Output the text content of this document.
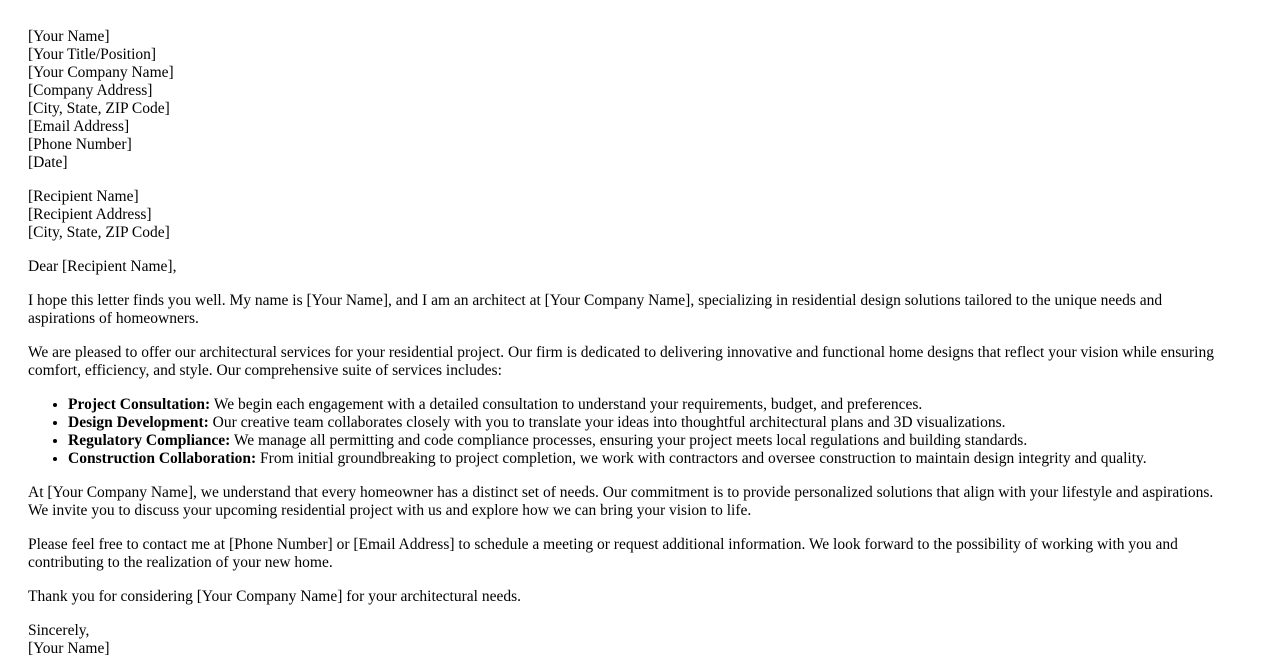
[Your Name]
[Your Title/Position]
[Your Company Name]
[Company Address]
[City, State, ZIP Code]
[Email Address]
[Phone Number]
[Date]
[Recipient Name]
[Recipient Address]
[City, State, ZIP Code]

Dear [Recipient Name],

I hope this letter finds you well. My name is [Your Name], and I am an architect at [Your Company Name], specializing in residential design solutions tailored to the unique needs and aspirations of homeowners.

We are pleased to offer our architectural services for your residential project. Our firm is dedicated to delivering innovative and functional home designs that reflect your vision while ensuring comfort, efficiency, and style. Our comprehensive suite of services includes:

• Project Consultation: We begin each engagement with a detailed consultation to understand your requirements, budget, and preferences.
• Design Development: Our creative team collaborates closely with you to translate your ideas into thoughtful architectural plans and 3D visualizations.
• Regulatory Compliance: We manage all permitting and code compliance processes, ensuring your project meets local regulations and building standards.
• Construction Collaboration: From initial groundbreaking to project completion, we work with contractors and oversee construction to maintain design integrity and quality.

At [Your Company Name], we understand that every homeowner has a distinct set of needs. Our commitment is to provide personalized solutions that align with your lifestyle and aspirations. We invite you to discuss your upcoming residential project with us and explore how we can bring your vision to life.

Please feel free to contact me at [Phone Number] or [Email Address] to schedule a meeting or request additional information. We look forward to the possibility of working with you and contributing to the realization of your new home.

Thank you for considering [Your Company Name] for your architectural needs.

Sincerely,
[Your Name]
